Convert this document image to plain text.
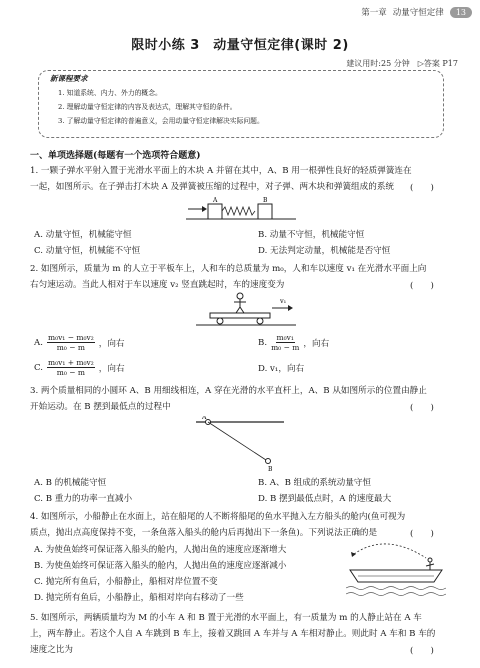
第一章 动量守恒定律	13
限时小练 3　动量守恒定律(课时 2)
建议用时:25 分钟　▷答案 P17
新课程要求
1. 知道系统、内力、外力的概念。
2. 理解动量守恒定律的内容及表达式，理解其守恒的条件。
3. 了解动量守恒定律的普遍意义，会用动量守恒定律解决实际问题。
一、单项选择题(每题有一个选项符合题意)
1. 一颗子弹水平射入置于光滑水平面上的木块 A 并留在其中，A、B 用一根弹性良好的轻质弹簧连在
一起，如图所示。在子弹击打木块 A 及弹簧被压缩的过程中，对子弹、两木块和弹簧组成的系统 (　　)
A	B
A. 动量守恒，机械能守恒	B. 动量不守恒，机械能守恒
C. 动量守恒，机械能不守恒	D. 无法判定动量，机械能是否守恒
2. 如图所示，质量为 m 的人立于平板车上，人和车的总质量为 m₀，人和车以速度 v₁ 在光滑水平面上向
右匀速运动。当此人相对于车以速度 v₂ 竖直跳起时，车的速度变为	(　　)
v₁
A. $\frac{\text{m₀v₁ − m₀v₂}}{\text{m₀ − m}}$ ，向右	B. $\frac{\text{m₀v₁}}{\text{m₀ − m}}$ ，向右
C. $\frac{\text{m₀v₁ + m₀v₂}}{\text{m₀ − m}}$ ，向右	D. v₁，向右
3. 两个质量相同的小圆环 A、B 用细线相连，A 穿在光滑的水平直杆上，A、B 从如图所示的位置由静止
开始运动。在 B 摆到最低点的过程中	(　　)
A
B
A. B 的机械能守恒	B. A、B 组成的系统动量守恒
C. B 重力的功率一直减小	D. B 摆到最低点时，A 的速度最大
4. 如图所示，小船静止在水面上，站在船尾的人不断将船尾的鱼水平抛入左方船头的舱内(鱼可视为
质点，抛出点高度保持不变，一条鱼落入船头的舱内后再抛出下一条鱼)。下列说法正确的是	(　　)
A. 为使鱼始终可保证落入船头的舱内，人抛出鱼的速度应逐渐增大
B. 为使鱼始终可保证落入船头的舱内，人抛出鱼的速度应逐渐减小
C. 抛完所有鱼后，小船静止，船相对岸位置不变
D. 抛完所有鱼后，小船静止，船相对岸向右移动了一些
5. 如图所示，两辆质量均为 M 的小车 A 和 B 置于光滑的水平面上，有一质量为 m 的人静止站在 A 车
上，两车静止。若这个人自 A 车跳到 B 车上，接着又跳回 A 车并与 A 车相对静止。则此时 A 车和 B 车的
速度之比为	(　　)
